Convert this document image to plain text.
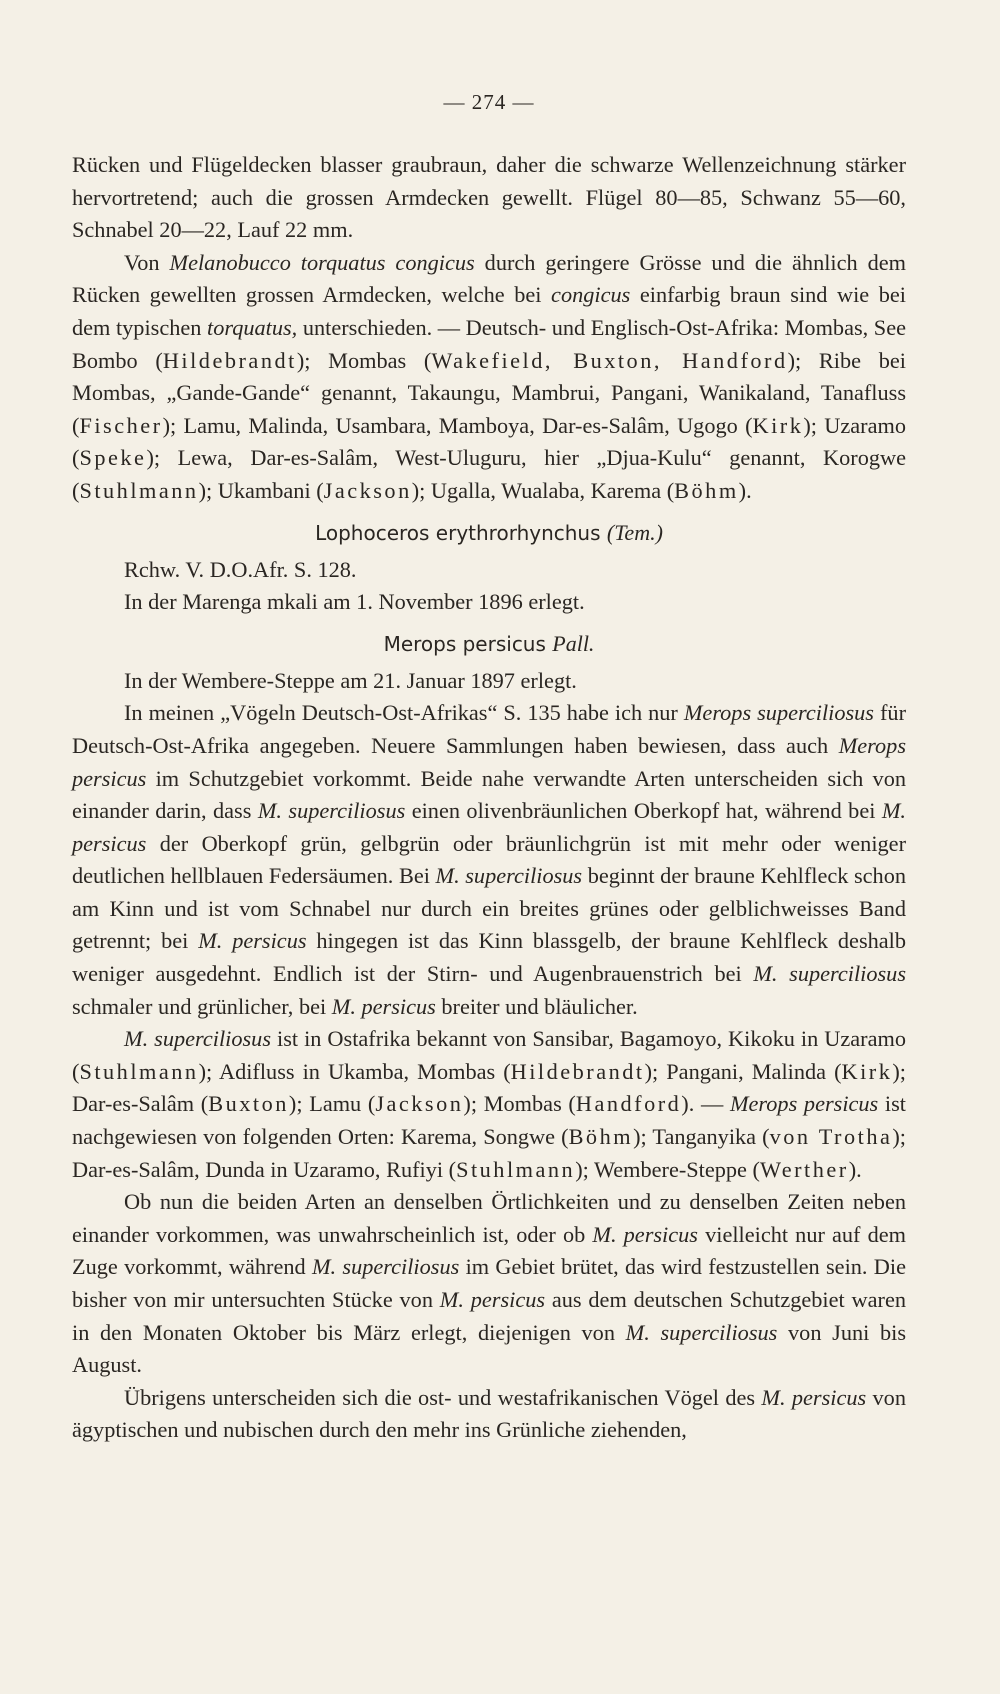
— 274 —

Rücken und Flügeldecken blasser graubraun, daher die schwarze Wellenzeichnung stärker hervortretend; auch die grossen Armdecken gewellt. Flügel 80—85, Schwanz 55—60, Schnabel 20—22, Lauf 22 mm.

Von Melanobucco torquatus congicus durch geringere Grösse und die ähnlich dem Rücken gewellten grossen Armdecken, welche bei congicus einfarbig braun sind wie bei dem typischen torquatus, unterschieden. — Deutsch- und Englisch-Ost-Afrika: Mombas, See Bombo (Hildebrandt); Mombas (Wakefield, Buxton, Handford); Ribe bei Mombas, „Gande-Gande“ genannt, Takaungu, Mambrui, Pangani, Wanikaland, Tanafluss (Fischer); Lamu, Malinda, Usambara, Mamboya, Dar-es-Salâm, Ugogo (Kirk); Uzaramo (Speke); Lewa, Dar-es-Salâm, West-Uluguru, hier „Djua-Kulu“ genannt, Korogwe (Stuhlmann); Ukambani (Jackson); Ugalla, Wualaba, Karema (Böhm).

Lophoceros erythrorhynchus (Tem.)

Rchw. V. D.O.Afr. S. 128.

In der Marenga mkali am 1. November 1896 erlegt.

Merops persicus Pall.

In der Wembere-Steppe am 21. Januar 1897 erlegt.

In meinen „Vögeln Deutsch-Ost-Afrikas“ S. 135 habe ich nur Merops superciliosus für Deutsch-Ost-Afrika angegeben. Neuere Sammlungen haben bewiesen, dass auch Merops persicus im Schutzgebiet vorkommt. Beide nahe verwandte Arten unterscheiden sich von einander darin, dass M. superciliosus einen olivenbräunlichen Oberkopf hat, während bei M. persicus der Oberkopf grün, gelbgrün oder bräunlichgrün ist mit mehr oder weniger deutlichen hellblauen Federsäumen. Bei M. superciliosus beginnt der braune Kehlfleck schon am Kinn und ist vom Schnabel nur durch ein breites grünes oder gelblichweisses Band getrennt; bei M. persicus hingegen ist das Kinn blassgelb, der braune Kehlfleck deshalb weniger ausgedehnt. Endlich ist der Stirn- und Augenbrauenstrich bei M. superciliosus schmaler und grünlicher, bei M. persicus breiter und bläulicher.

M. superciliosus ist in Ostafrika bekannt von Sansibar, Bagamoyo, Kikoku in Uzaramo (Stuhlmann); Adifluss in Ukamba, Mombas (Hildebrandt); Pangani, Malinda (Kirk); Dar-es-Salâm (Buxton); Lamu (Jackson); Mombas (Handford). — Merops persicus ist nachgewiesen von folgenden Orten: Karema, Songwe (Böhm); Tanganyika (von Trotha); Dar-es-Salâm, Dunda in Uzaramo, Rufiyi (Stuhlmann); Wembere-Steppe (Werther).

Ob nun die beiden Arten an denselben Örtlichkeiten und zu denselben Zeiten neben einander vorkommen, was unwahrscheinlich ist, oder ob M. persicus vielleicht nur auf dem Zuge vorkommt, während M. superciliosus im Gebiet brütet, das wird festzustellen sein. Die bisher von mir untersuchten Stücke von M. persicus aus dem deutschen Schutzgebiet waren in den Monaten Oktober bis März erlegt, diejenigen von M. superciliosus von Juni bis August.

Übrigens unterscheiden sich die ost- und westafrikanischen Vögel des M. persicus von ägyptischen und nubischen durch den mehr ins Grünliche ziehenden,
